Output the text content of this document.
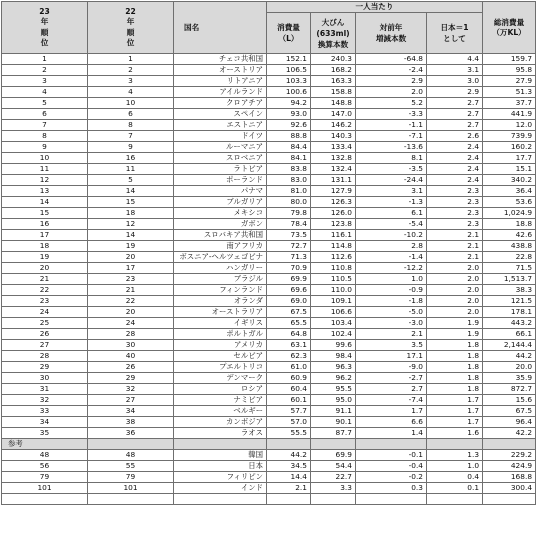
23
年
順
位	22
年
順
位	国名	一人当たり				総消費量
（万KL）

			消費量
（L）	大びん
(633ml)
換算本数	対前年
増減本数	日本＝1
として	

1	1	チェコ共和国	152.1	240.3	-64.8	4.4	159.7
2	2	オーストリア	106.5	168.2	-2.4	3.1	95.8
3	3	リトアニア	103.3	163.3	2.9	3.0	27.9
4	4	アイルランド	100.6	158.8	2.0	2.9	51.3
5	10	クロアチア	94.2	148.8	5.2	2.7	37.7
6	6	スペイン	93.0	147.0	-3.3	2.7	441.9
7	8	エストニア	92.6	146.2	-1.1	2.7	12.0
8	7	ドイツ	88.8	140.3	-7.1	2.6	739.9
9	9	ルーマニア	84.4	133.4	-13.6	2.4	160.2
10	16	スロベニア	84.1	132.8	8.1	2.4	17.7
11	11	ラトビア	83.8	132.4	-3.5	2.4	15.1
12	5	ポーランド	83.0	131.1	-24.4	2.4	340.2
13	14	パナマ	81.0	127.9	3.1	2.3	36.4
14	15	ブルガリア	80.0	126.3	-1.3	2.3	53.6
15	18	メキシコ	79.8	126.0	6.1	2.3	1,024.9
16	12	ガボン	78.4	123.8	-5.4	2.3	18.8
17	14	スロバキア共和国	73.5	116.1	-10.2	2.1	42.6
18	19	南アフリカ	72.7	114.8	2.8	2.1	438.8
19	20	ボスニア-ヘルツェゴビナ	71.3	112.6	-1.4	2.1	22.8
20	17	ハンガリー	70.9	110.8	-12.2	2.0	71.5
21	23	ブラジル	69.9	110.5	1.0	2.0	1,513.7
22	21	フィンランド	69.6	110.0	-0.9	2.0	38.3
23	22	オランダ	69.0	109.1	-1.8	2.0	121.5
24	20	オーストラリア	67.5	106.6	-5.0	2.0	178.1
25	24	イギリス	65.5	103.4	-3.0	1.9	443.2
26	28	ポルトガル	64.8	102.4	2.1	1.9	66.1
27	30	アメリカ	63.1	99.6	3.5	1.8	2,144.4
28	40	セルビア	62.3	98.4	17.1	1.8	44.2
29	26	プエルトリコ	61.0	96.3	-9.0	1.8	20.0
30	29	デンマーク	60.9	96.2	-2.7	1.8	35.9
31	32	ロシア	60.4	95.5	2.7	1.8	872.7
32	27	ナミビア	60.1	95.0	-7.4	1.7	15.6
33	34	ベルギー	57.7	91.1	1.7	1.7	67.5
34	38	カンボジア	57.0	90.1	6.6	1.7	96.4
35	36	ラオス	55.5	87.7	1.4	1.6	42.2
参考							
48	48	韓国	44.2	69.9	-0.1	1.3	229.2
56	55	日本	34.5	54.4	-0.4	1.0	424.9
79	79	フィリピン	14.4	22.7	-0.2	0.4	168.8
101	101	インド	2.1	3.3	0.3	0.1	300.4
